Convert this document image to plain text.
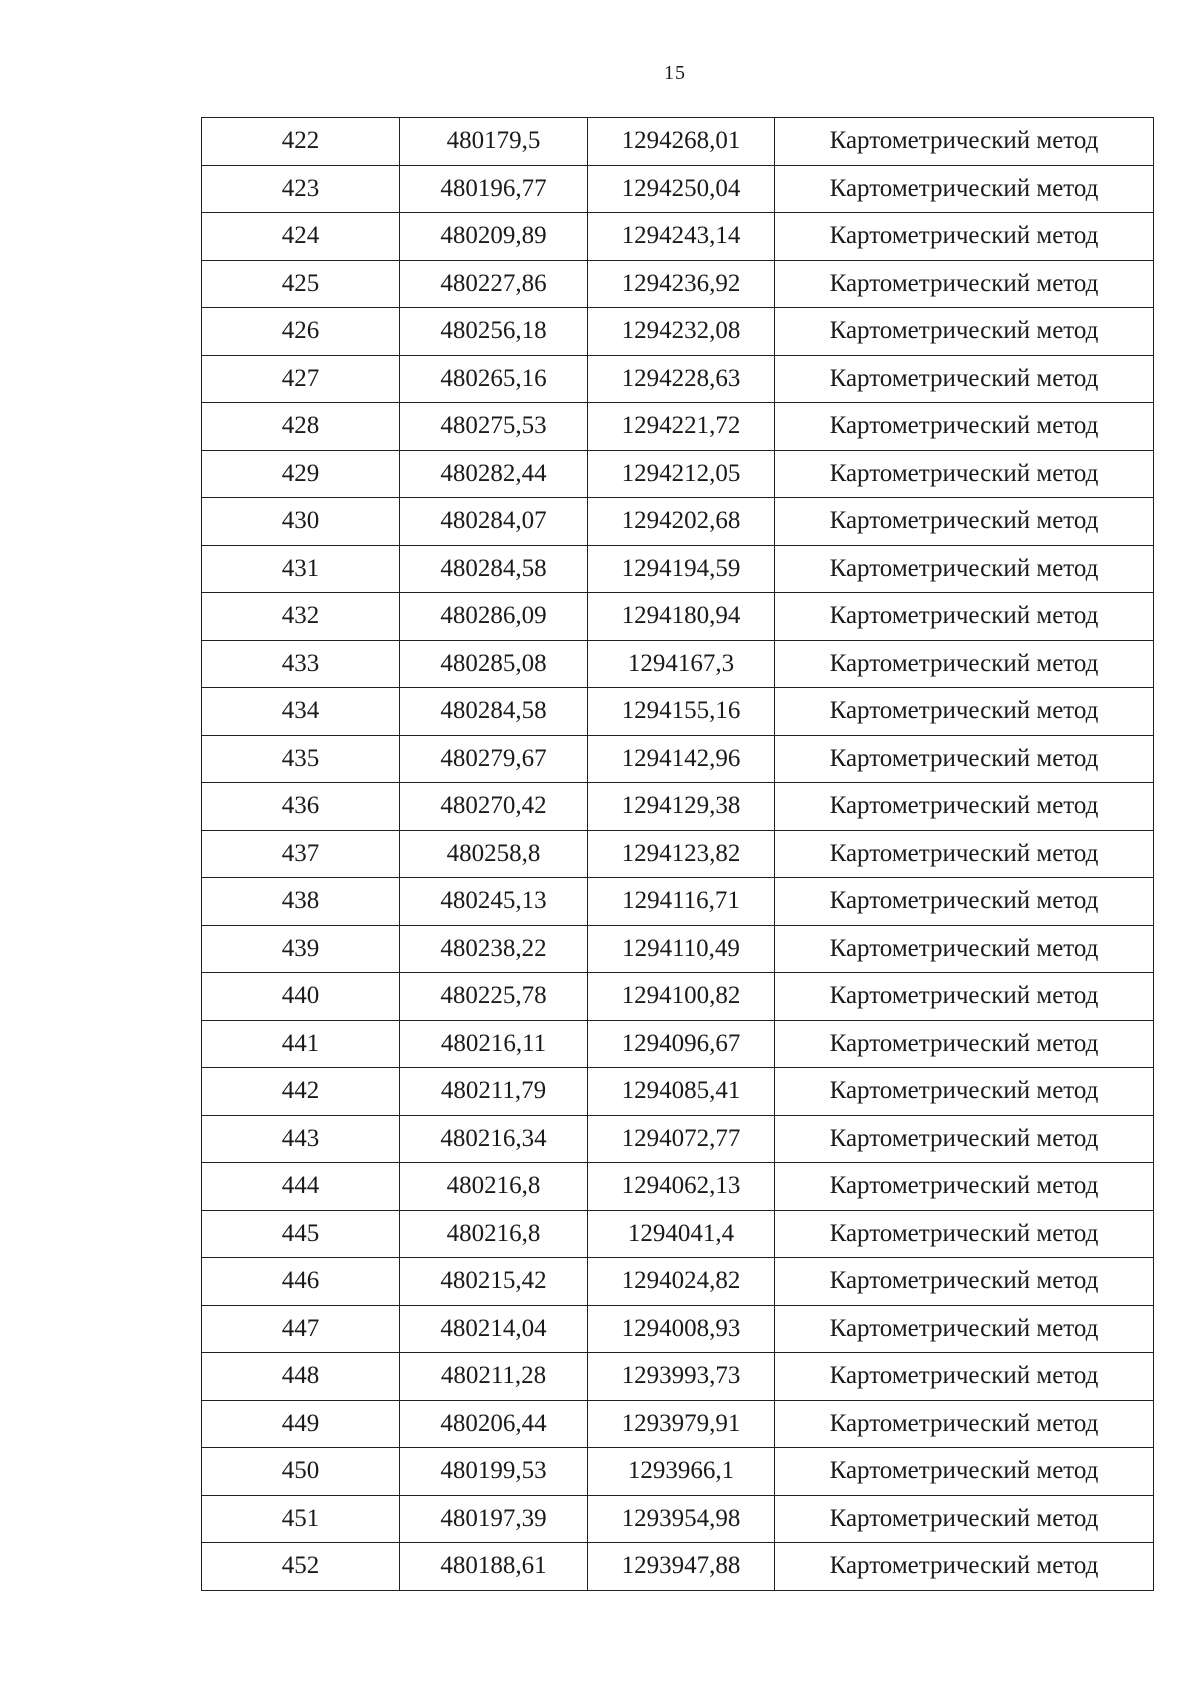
15
422	480179,5	1294268,01	Картометрический метод
423	480196,77	1294250,04	Картометрический метод
424	480209,89	1294243,14	Картометрический метод
425	480227,86	1294236,92	Картометрический метод
426	480256,18	1294232,08	Картометрический метод
427	480265,16	1294228,63	Картометрический метод
428	480275,53	1294221,72	Картометрический метод
429	480282,44	1294212,05	Картометрический метод
430	480284,07	1294202,68	Картометрический метод
431	480284,58	1294194,59	Картометрический метод
432	480286,09	1294180,94	Картометрический метод
433	480285,08	1294167,3	Картометрический метод
434	480284,58	1294155,16	Картометрический метод
435	480279,67	1294142,96	Картометрический метод
436	480270,42	1294129,38	Картометрический метод
437	480258,8	1294123,82	Картометрический метод
438	480245,13	1294116,71	Картометрический метод
439	480238,22	1294110,49	Картометрический метод
440	480225,78	1294100,82	Картометрический метод
441	480216,11	1294096,67	Картометрический метод
442	480211,79	1294085,41	Картометрический метод
443	480216,34	1294072,77	Картометрический метод
444	480216,8	1294062,13	Картометрический метод
445	480216,8	1294041,4	Картометрический метод
446	480215,42	1294024,82	Картометрический метод
447	480214,04	1294008,93	Картометрический метод
448	480211,28	1293993,73	Картометрический метод
449	480206,44	1293979,91	Картометрический метод
450	480199,53	1293966,1	Картометрический метод
451	480197,39	1293954,98	Картометрический метод
452	480188,61	1293947,88	Картометрический метод
